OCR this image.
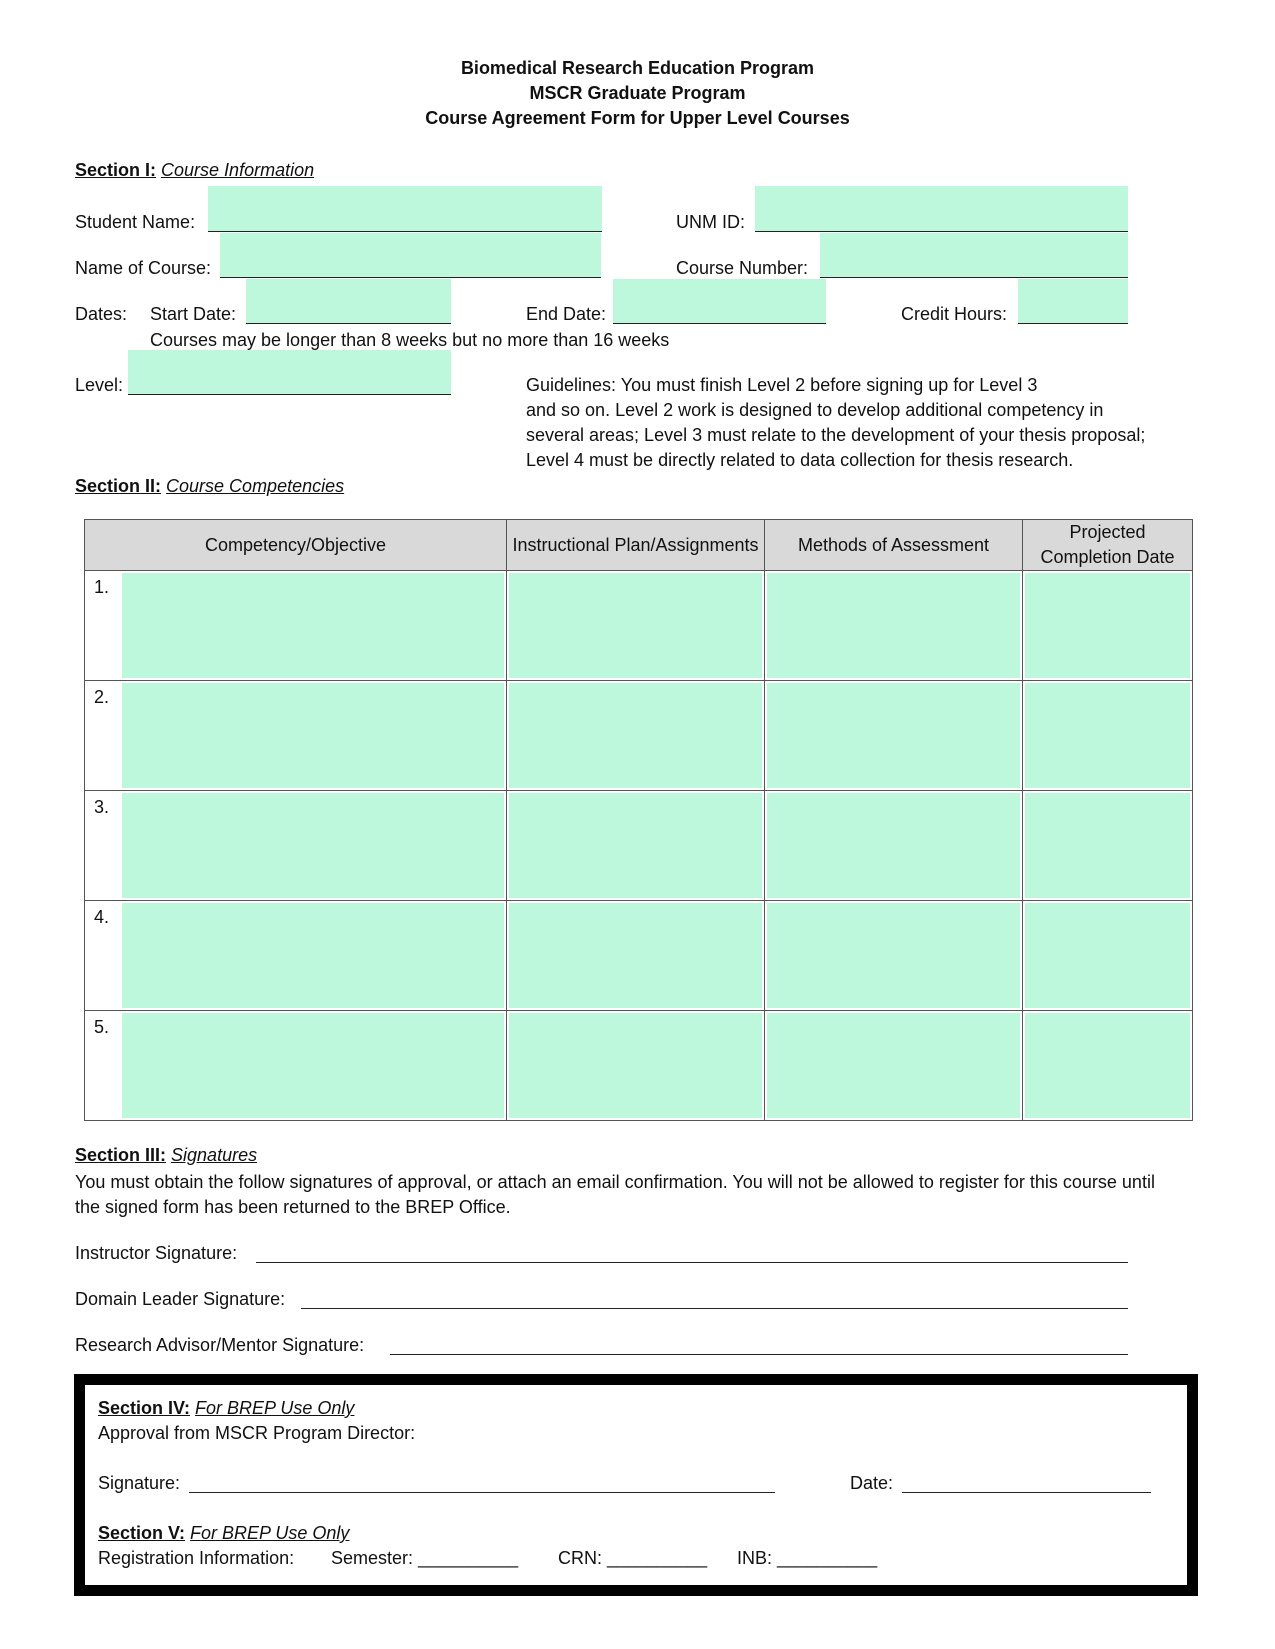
Biomedical Research Education Program
MSCR Graduate Program
Course Agreement Form for Upper Level Courses
Section I: Course Information
Student Name:	UNM ID:
Name of Course:	Course Number:
Dates: Start Date:	End Date:	Credit Hours:
Courses may be longer than 8 weeks but no more than 16 weeks
Level:	Guidelines: You must finish Level 2 before signing up for Level 3
and so on. Level 2 work is designed to develop additional competency in
several areas; Level 3 must relate to the development of your thesis proposal;
Level 4 must be directly related to data collection for thesis research.
Section II: Course Competencies
Competency/Objective	Instructional Plan/Assignments	Methods of Assessment	Projected Completion Date

1.			

2.			

3.			

4.			

5.			

Section III: Signatures
You must obtain the follow signatures of approval, or attach an email confirmation. You will not be allowed to register for this course until the signed form has been returned to the BREP Office.
Instructor Signature:
Domain Leader Signature:
Research Advisor/Mentor Signature:
Section IV: For BREP Use Only
Approval from MSCR Program Director:
Signature:	Date:
Section V: For BREP Use Only
Registration Information: Semester: __________ CRN: __________ INB: __________
